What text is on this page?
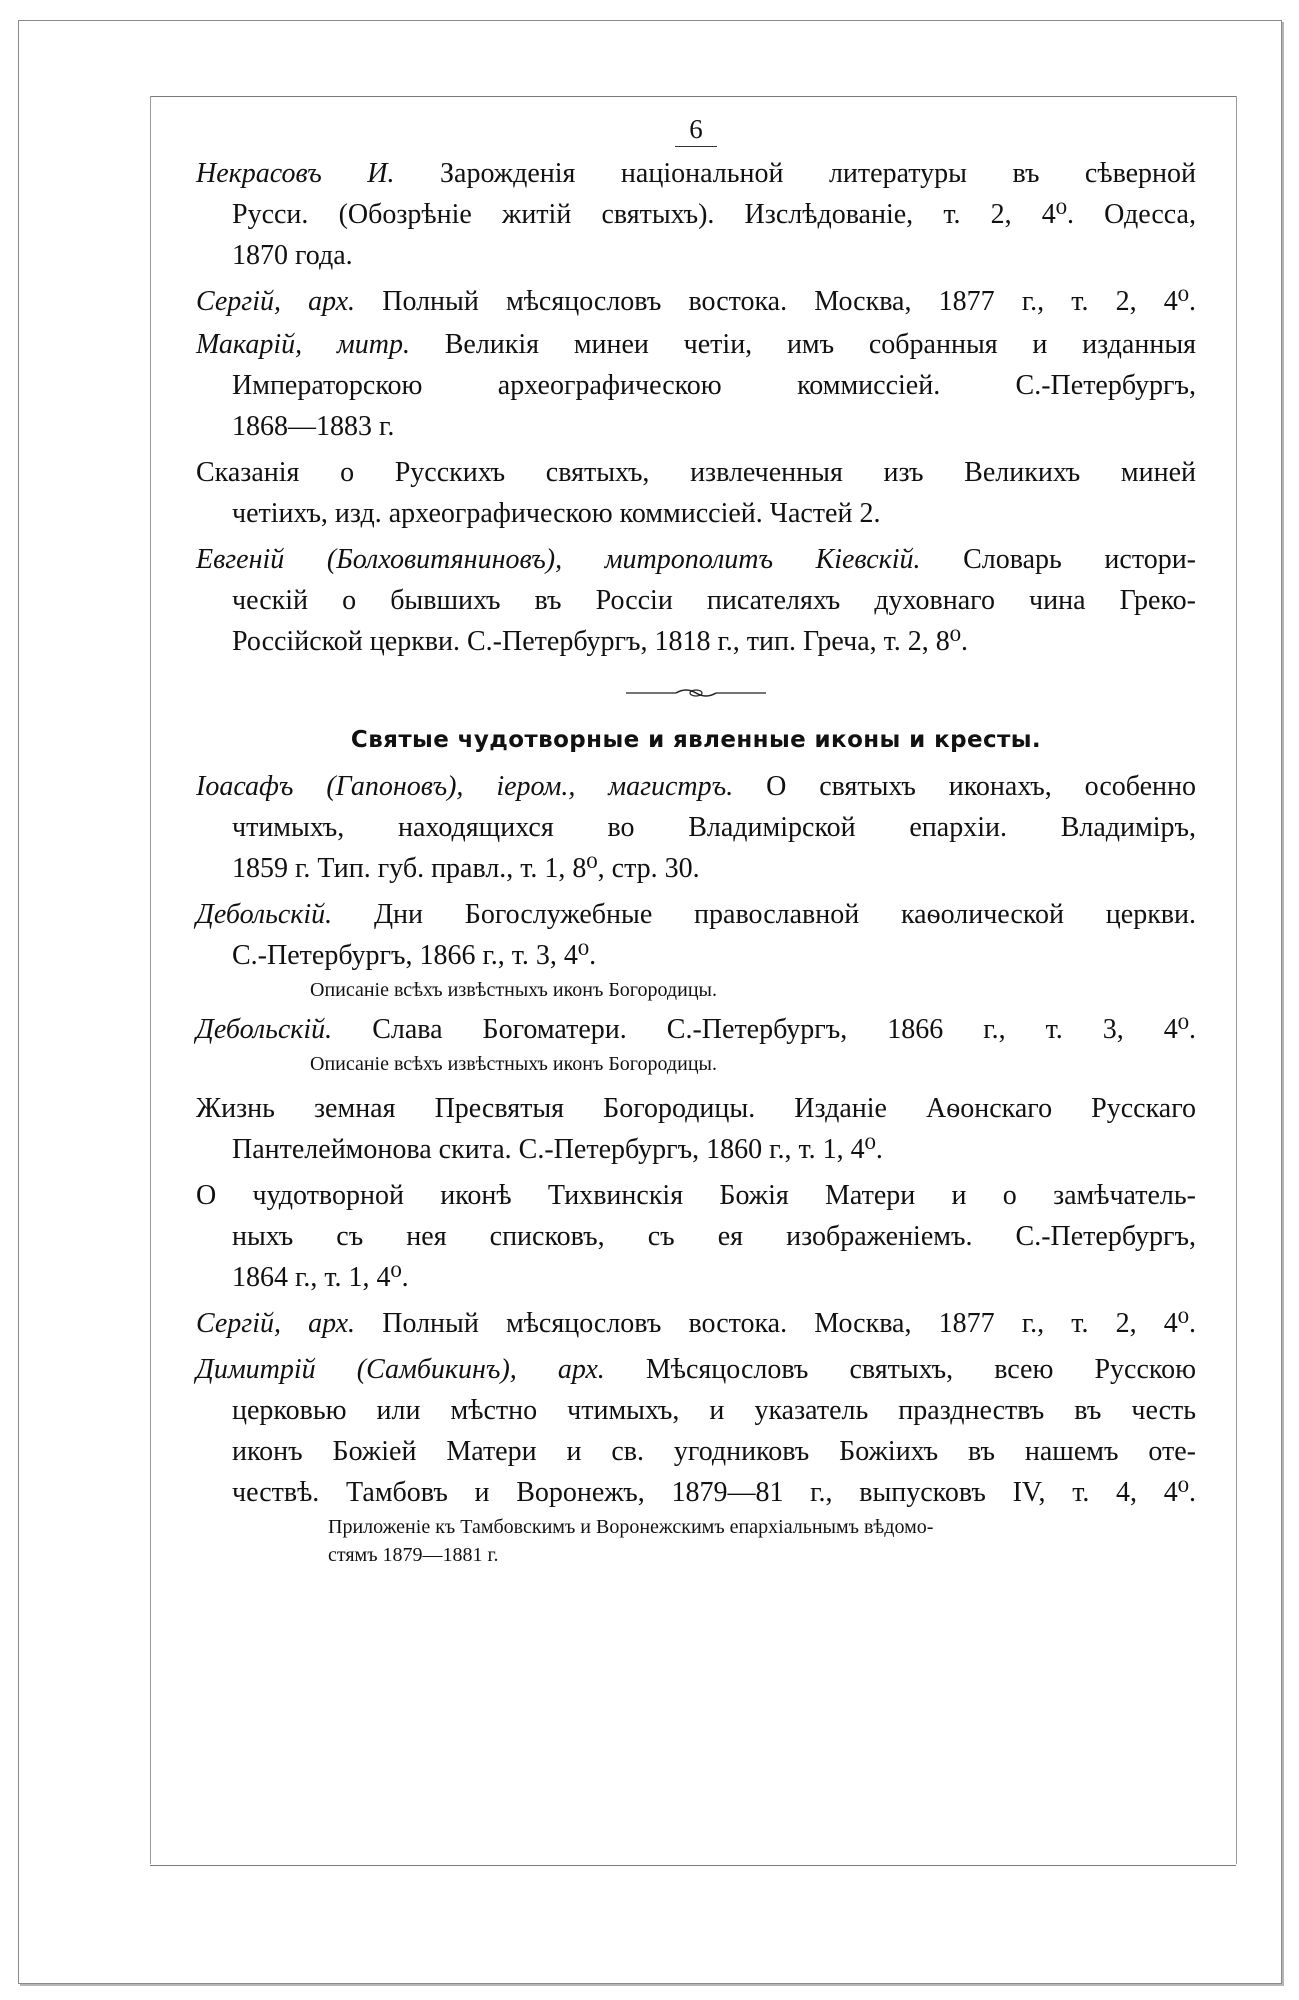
6
Некрасовъ И. Зарожденія національной литературы въ сѣверной
Русси. (Обозрѣніе житій святыхъ). Изслѣдованіе, т. 2, 4⁰. Одесса,
1870 года.
Сергій, арх. Полный мѣсяцословъ востока. Москва, 1877 г., т. 2, 4⁰.
Макарій, митр. Великія минеи четіи, имъ собранныя и изданныя
Императорскою археографическою коммиссіей. С.-Петербургъ,
1868—1883 г.
Сказанія о Русскихъ святыхъ, извлеченныя изъ Великихъ миней
четіихъ, изд. археографическою коммиссіей. Частей 2.
Евгеній (Болховитяниновъ), митрополитъ Кіевскій. Словарь истори-
ческій о бывшихъ въ Россіи писателяхъ духовнаго чина Греко-
Россійской церкви. С.-Петербургъ, 1818 г., тип. Греча, т. 2, 8⁰.
Святые чудотворные и явленные иконы и кресты.
Іоасафъ (Гапоновъ), іером., магистръ. О святыхъ иконахъ, особенно
чтимыхъ, находящихся во Владимірской епархіи. Владиміръ,
1859 г. Тип. губ. правл., т. 1, 8⁰, стр. 30.
Дебольскій. Дни Богослужебные православной каѳолической церкви.
С.-Петербургъ, 1866 г., т. 3, 4⁰.
Описаніе всѣхъ извѣстныхъ иконъ Богородицы.
Дебольскій. Слава Богоматери. С.-Петербургъ, 1866 г., т. 3, 4⁰.
Описаніе всѣхъ извѣстныхъ иконъ Богородицы.
Жизнь земная Пресвятыя Богородицы. Изданіе Аѳонскаго Русскаго
Пантелеймонова скита. С.-Петербургъ, 1860 г., т. 1, 4⁰.
О чудотворной иконѣ Тихвинскія Божія Матери и о замѣчатель-
ныхъ съ нея списковъ, съ ея изображеніемъ. С.-Петербургъ,
1864 г., т. 1, 4⁰.
Сергій, арх. Полный мѣсяцословъ востока. Москва, 1877 г., т. 2, 4⁰.
Димитрій (Самбикинъ), арх. Мѣсяцословъ святыхъ, всею Русскою
церковью или мѣстно чтимыхъ, и указатель празднествъ въ честь
иконъ Божіей Матери и св. угодниковъ Божіихъ въ нашемъ оте-
чествѣ. Тамбовъ и Воронежъ, 1879—81 г., выпусковъ IV, т. 4, 4⁰.
Приложеніе къ Тамбовскимъ и Воронежскимъ епархіальнымъ вѣдомо-
стямъ 1879—1881 г.
